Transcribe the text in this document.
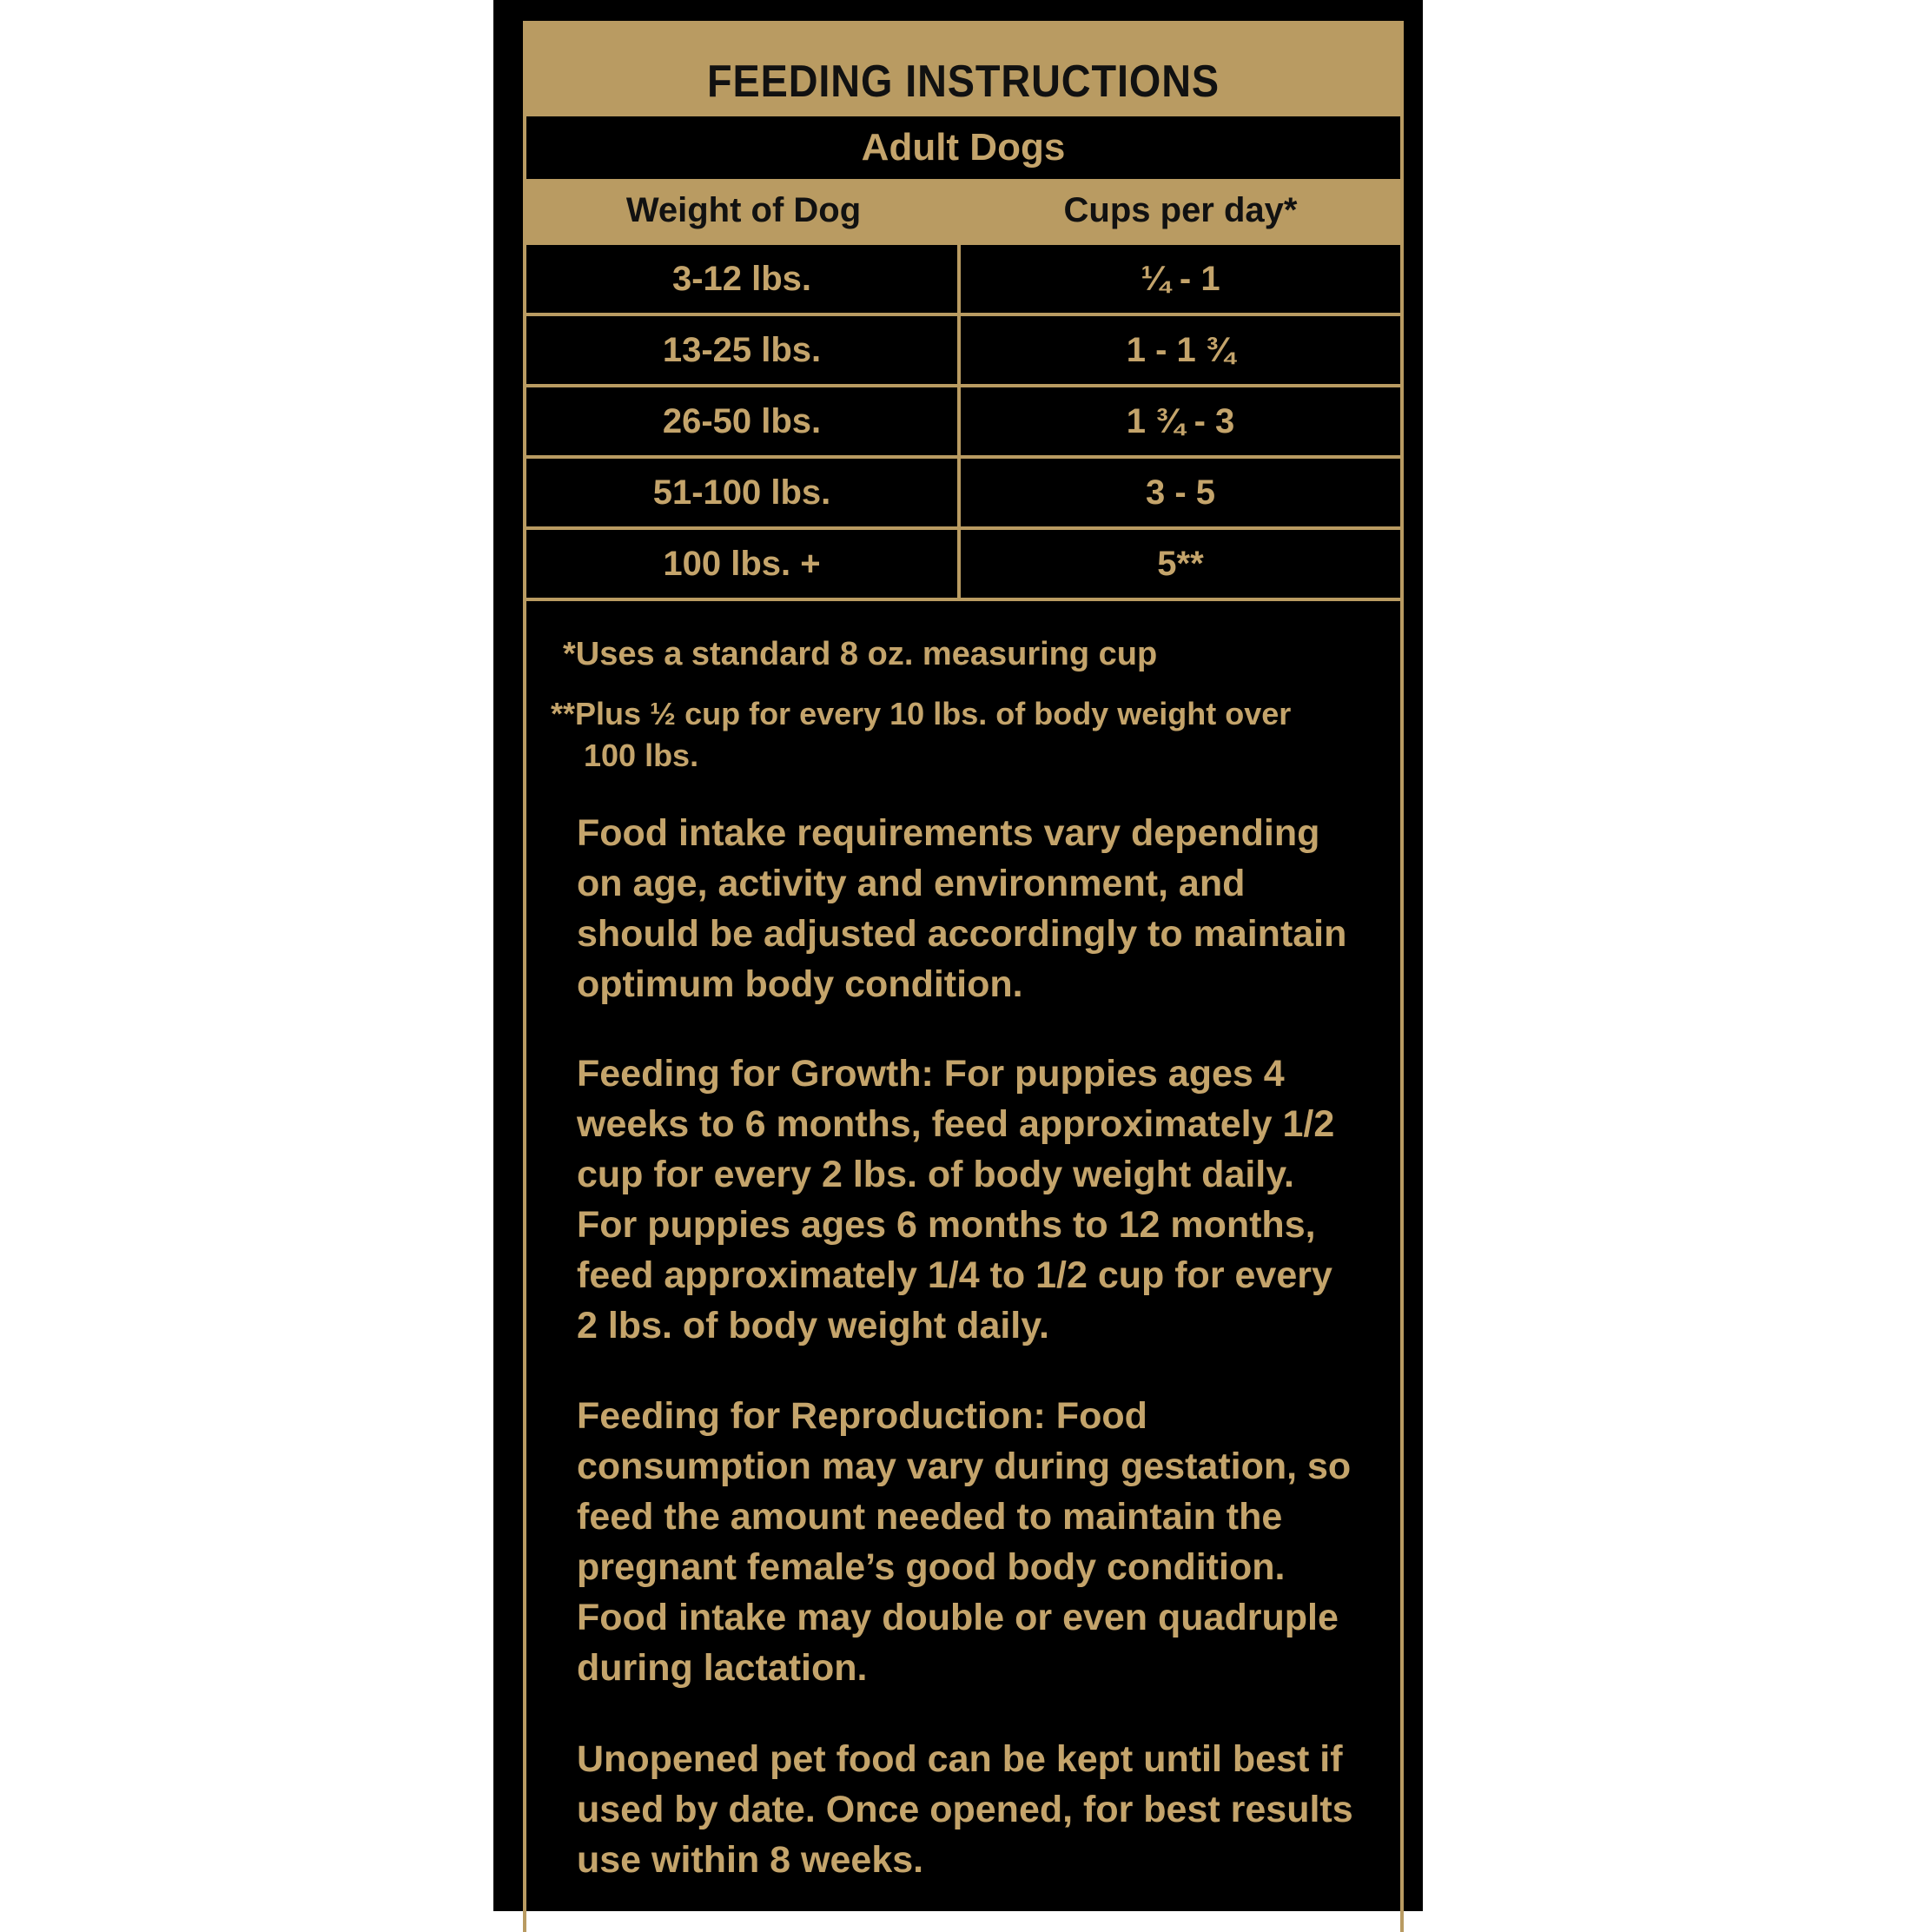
FEEDING INSTRUCTIONS
Adult Dogs
Weight of Dog	Cups per day*
3-12 lbs.	¼ - 1
13-25 lbs.	1 - 1 ¾
26-50 lbs.	1 ¾ - 3
51-100 lbs.	3 - 5
100 lbs. +	5**
*Uses a standard 8 oz. measuring cup
**Plus ½ cup for every 10 lbs. of body weight over
100 lbs.

Food intake requirements vary depending on age, activity and environment, and should be adjusted accordingly to maintain optimum body condition.

Feeding for Growth: For puppies ages 4 weeks to 6 months, feed approximately 1/2 cup for every 2 lbs. of body weight daily. For puppies ages 6 months to 12 months, feed approximately 1/4 to 1/2 cup for every 2 lbs. of body weight daily.

Feeding for Reproduction: Food consumption may vary during gestation, so feed the amount needed to maintain the pregnant female’s good body condition. Food intake may double or even quadruple during lactation.

Unopened pet food can be kept until best if used by date. Once opened, for best results use within 8 weeks.
